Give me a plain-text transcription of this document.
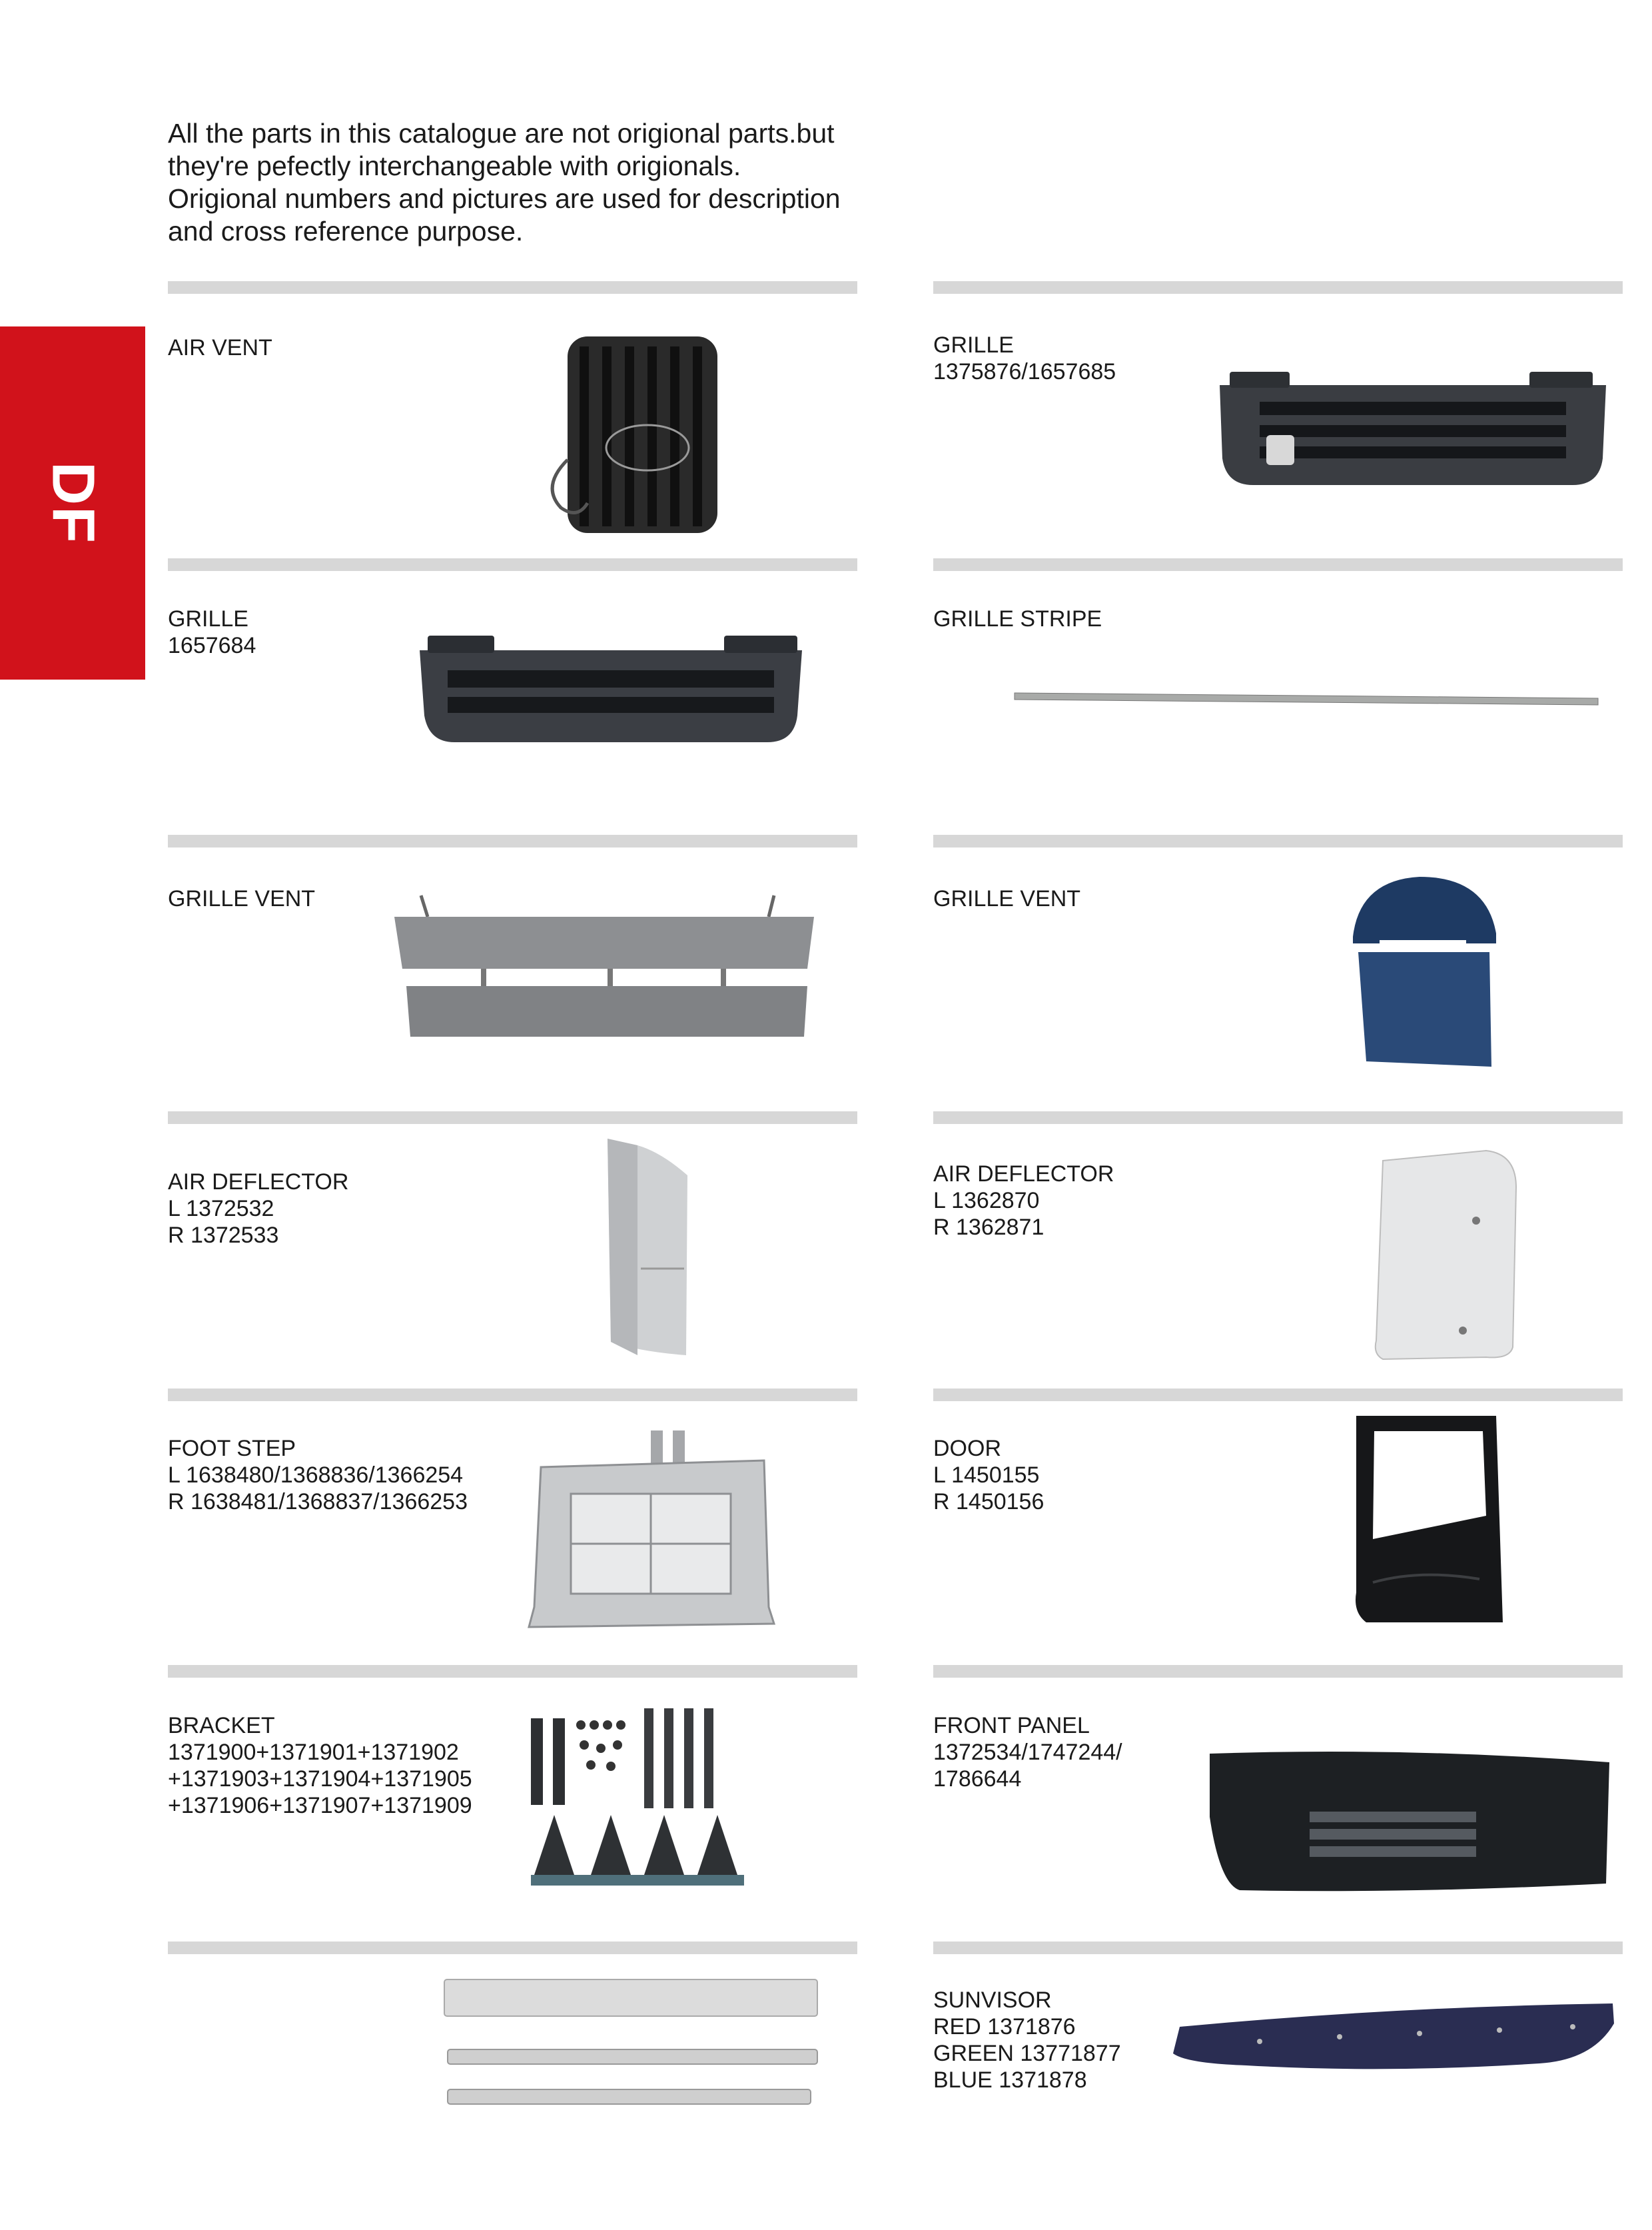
All the parts in this catalogue are not origional parts.but
they're pefectly interchangeable with origionals.
Origional numbers and pictures are used for description
and cross reference purpose.
DF
AIR VENT	GRILLE
1375876/1657685
GRILLE
1657684
GRILLE STRIPE
GRILLE VENT	GRILLE VENT
AIR DEFLECTOR
L 1372532
R 1372533
AIR DEFLECTOR
L 1362870
R 1362871
FOOT STEP
L 1638480/1368836/1366254
R 1638481/1368837/1366253
DOOR
L 1450155
R 1450156
BRACKET
1371900+1371901+1371902
+1371903+1371904+1371905
+1371906+1371907+1371909
FRONT PANEL
1372534/1747244/
1786644
SUNVISOR
RED 1371876
GREEN 13771877
BLUE 1371878
